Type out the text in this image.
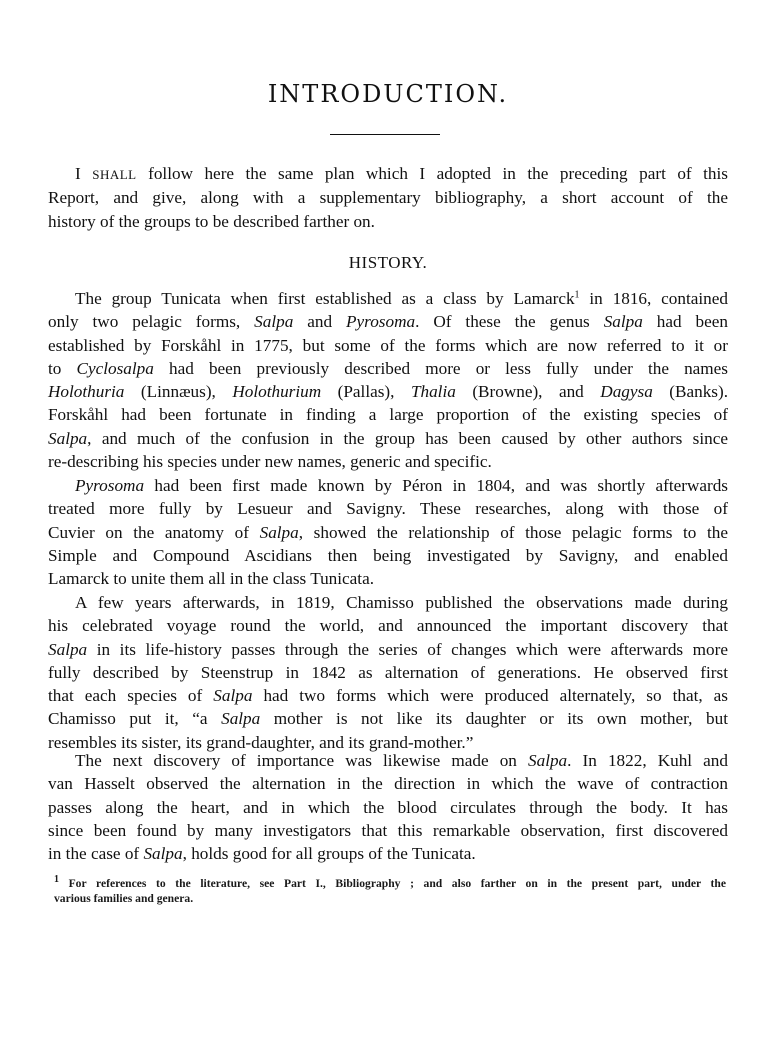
INTRODUCTION.
I SHALL follow here the same plan which I adopted in the preceding part of this
Report, and give, along with a supplementary bibliography, a short account of the
history of the groups to be described farther on.
HISTORY.
The group Tunicata when first established as a class by Lamarck$^1$ in 1816, contained
only two pelagic forms, Salpa and Pyrosoma. Of these the genus Salpa had been
established by Forskåhl in 1775, but some of the forms which are now referred to it or
to Cyclosalpa had been previously described more or less fully under the names
Holothuria (Linnæus), Holothurium (Pallas), Thalia (Browne), and Dagysa (Banks).
Forskåhl had been fortunate in finding a large proportion of the existing species of
Salpa, and much of the confusion in the group has been caused by other authors since
re-describing his species under new names, generic and specific.
Pyrosoma had been first made known by Péron in 1804, and was shortly afterwards
treated more fully by Lesueur and Savigny. These researches, along with those of
Cuvier on the anatomy of Salpa, showed the relationship of those pelagic forms to the
Simple and Compound Ascidians then being investigated by Savigny, and enabled
Lamarck to unite them all in the class Tunicata.
A few years afterwards, in 1819, Chamisso published the observations made during
his celebrated voyage round the world, and announced the important discovery that
Salpa in its life-history passes through the series of changes which were afterwards more
fully described by Steenstrup in 1842 as alternation of generations. He observed first
that each species of Salpa had two forms which were produced alternately, so that, as
Chamisso put it, “a Salpa mother is not like its daughter or its own mother, but
resembles its sister, its grand-daughter, and its grand-mother.”
The next discovery of importance was likewise made on Salpa. In 1822, Kuhl and
van Hasselt observed the alternation in the direction in which the wave of contraction
passes along the heart, and in which the blood circulates through the body. It has
since been found by many investigators that this remarkable observation, first discovered
in the case of Salpa, holds good for all groups of the Tunicata.
$^1$ For references to the literature, see Part I., Bibliography ; and also farther on in the present part, under the
various families and genera.
